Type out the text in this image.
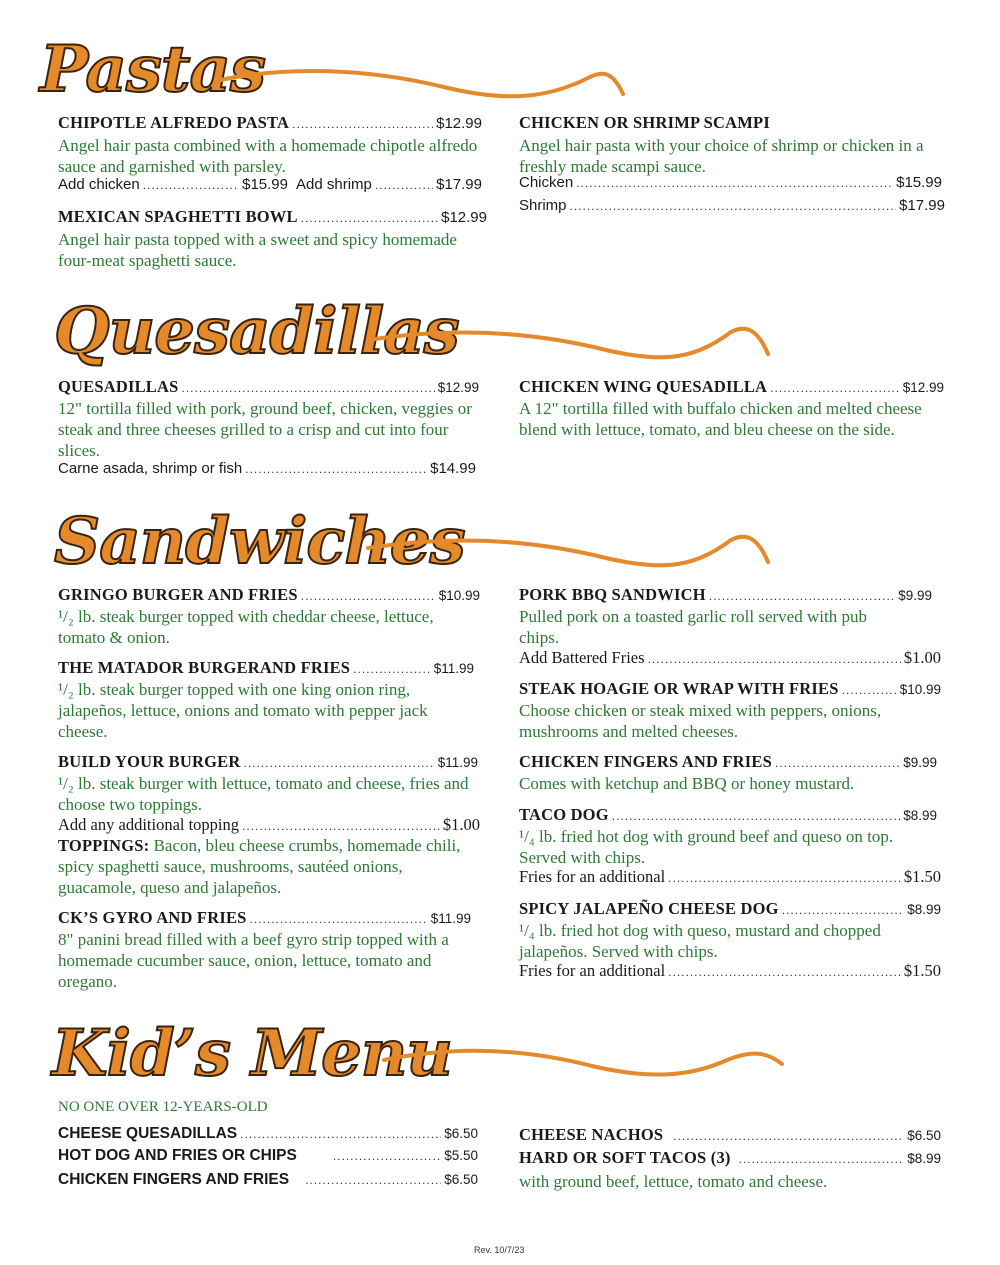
Pastas
CHIPOTLE ALFREDO PASTA .....	$12.99
Angel hair pasta combined with a homemade chipotle alfredo sauce and garnished with parsley.
Add chicken .....	$15.99 Add shrimp .....	$17.99
MEXICAN SPAGHETTI BOWL .....	$12.99
Angel hair pasta topped with a sweet and spicy homemade four-meat spaghetti sauce.
CHICKEN OR SHRIMP SCAMPI
Angel hair pasta with your choice of shrimp or chicken in a freshly made scampi sauce.
Chicken .....	$15.99
Shrimp .....	$17.99
Quesadillas
QUESADILLAS .....	$12.99
12" tortilla filled with pork, ground beef, chicken, veggies or steak and three cheeses grilled to a crisp and cut into four slices.
Carne asada, shrimp or fish .....	$14.99
CHICKEN WING QUESADILLA .....	$12.99
A 12" tortilla filled with buffalo chicken and melted cheese blend with lettuce, tomato, and bleu cheese on the side.
Sandwiches
GRINGO BURGER AND FRIES .....	$10.99
¹/₂ lb. steak burger topped with cheddar cheese, lettuce, tomato & onion.
THE MATADOR BURGERAND FRIES .....	$11.99
¹/₂ lb. steak burger topped with one king onion ring, jalapeños, lettuce, onions and tomato with pepper jack cheese.
BUILD YOUR BURGER .....	$11.99
¹/₂ lb. steak burger with lettuce, tomato and cheese, fries and choose two toppings.
Add any additional topping .....	$1.00
TOPPINGS: Bacon, bleu cheese crumbs, homemade chili, spicy spaghetti sauce, mushrooms, sautéed onions, guacamole, queso and jalapeños.
CK’S GYRO AND FRIES .....	$11.99
8" panini bread filled with a beef gyro strip topped with a homemade cucumber sauce, onion, lettuce, tomato and oregano.
PORK BBQ SANDWICH .....	$9.99
Pulled pork on a toasted garlic roll served with pub chips.
Add Battered Fries .....	$1.00
STEAK HOAGIE OR WRAP WITH FRIES .....	$10.99
Choose chicken or steak mixed with peppers, onions, mushrooms and melted cheeses.
CHICKEN FINGERS AND FRIES .....	$9.99
Comes with ketchup and BBQ or honey mustard.
TACO DOG .....	$8.99
¹/₄ lb. fried hot dog with ground beef and queso on top. Served with chips.
Fries for an additional .....	$1.50
SPICY JALAPEÑO CHEESE DOG .....	$8.99
¹/₄ lb. fried hot dog with queso, mustard and chopped jalapeños. Served with chips.
Fries for an additional .....	$1.50
Kid’s Menu
NO ONE OVER 12-YEARS-OLD
CHEESE QUESADILLAS .....	$6.50
HOT DOG AND FRIES OR CHIPS .....	$5.50
CHICKEN FINGERS AND FRIES .....	$6.50
CHEESE NACHOS .....	$6.50
HARD OR SOFT TACOS (3) .....	$8.99
with ground beef, lettuce, tomato and cheese.
Rev. 10/7/23
